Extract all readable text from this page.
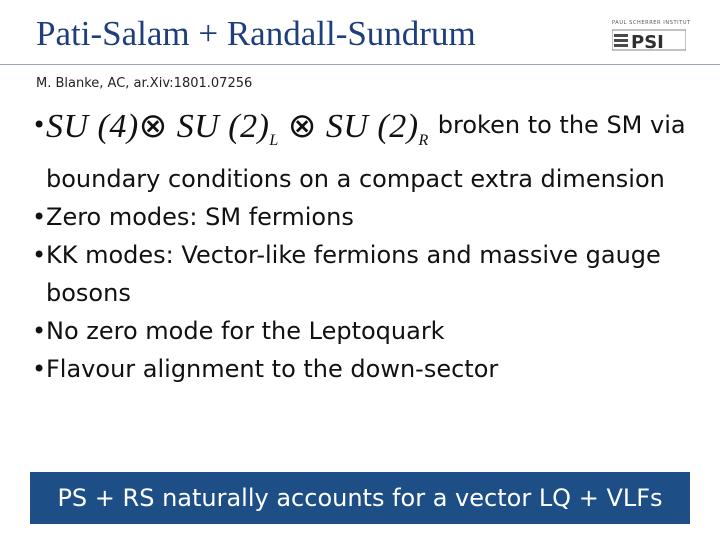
Pati-Salam + Randall-Sundrum	PAUL SCHERRER INSTITUT
PSI
M. Blanke, AC, ar.Xiv:1801.07256
• SU (4)⊗ SU $(2)_L$ ⊗ SU $(2)_R$ broken to the SM via boundary conditions on a compact extra dimension
• Zero modes: SM fermions
• KK modes: Vector-like fermions and massive gauge bosons
• No zero mode for the Leptoquark
• Flavour alignment to the down-sector
PS + RS naturally accounts for a vector LQ + VLFs
